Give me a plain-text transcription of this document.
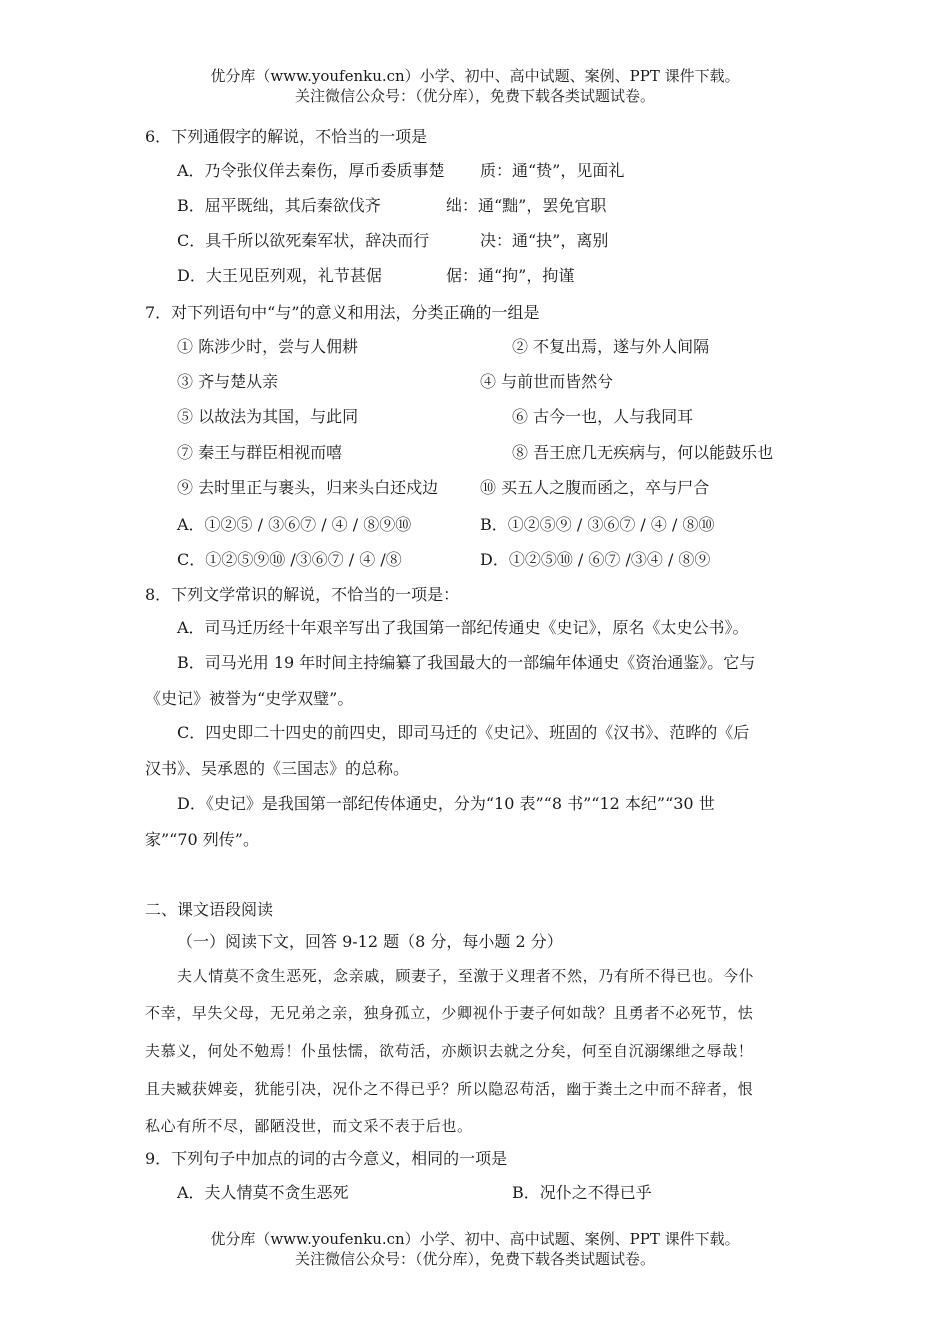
优分库（www.youfenku.cn）小学、初中、高中试题、案例、PPT 课件下载。
关注微信公众号：（优分库），免费下载各类试题试卷。
6．下列通假字的解说，不恰当的一项是
A．乃令张仪佯去秦伤，厚币委质事楚 质：通“贽”，见面礼
B．屈平既绌，其后秦欲伐齐	绌：通“黜”，罢免官职
C．具千所以欲死秦军状，辞决而行	决：通“抉”，离别
D．大王见臣列观，礼节甚倨	倨：通“拘”，拘谨
7．对下列语句中“与”的意义和用法，分类正确的一组是
① 陈涉少时，尝与人佣耕	② 不复出焉，遂与外人间隔
③ 齐与楚从亲	④ 与前世而皆然兮
⑤ 以故法为其国，与此同	⑥ 古今一也，人与我同耳
⑦ 秦王与群臣相视而嘻	⑧ 吾王庶几无疾病与，何以能鼓乐也
⑨ 去时里正与裹头，归来头白还戍边	⑩ 买五人之腹而函之，卒与尸合
A．①②⑤ / ③⑥⑦ / ④ / ⑧⑨⑩	B．①②⑤⑨ / ③⑥⑦ / ④ / ⑧⑩
C．①②⑤⑨⑩ /③⑥⑦ / ④ /⑧	D．①②⑤⑩ / ⑥⑦ /③④ / ⑧⑨
8．下列文学常识的解说，不恰当的一项是：
A．司马迁历经十年艰辛写出了我国第一部纪传通史《史记》，原名《太史公书》。
B．司马光用 19 年时间主持编纂了我国最大的一部编年体通史《资治通鉴》。它与
《史记》被誉为“史学双璧”。
C．四史即二十四史的前四史，即司马迁的《史记》、班固的《汉书》、范晔的《后
汉书》、吴承恩的《三国志》的总称。
D．《史记》是我国第一部纪传体通史，分为“10 表”“8 书”“12 本纪”“30 世
家”“70 列传”。
二、课文语段阅读
（一）阅读下文，回答 9-12 题（8 分，每小题 2 分）
夫人情莫不贪生恶死，念亲戚，顾妻子，至激于义理者不然，乃有所不得已也。今仆
不幸，早失父母，无兄弟之亲，独身孤立，少卿视仆于妻子何如哉？且勇者不必死节，怯
夫慕义，何处不勉焉！仆虽怯懦，欲苟活，亦颇识去就之分矣，何至自沉溺缧绁之辱哉！
且夫臧获婢妾，犹能引决，况仆之不得已乎？所以隐忍苟活，幽于粪土之中而不辞者，恨
私心有所不尽，鄙陋没世，而文采不表于后也。
9．下列句子中加点的词的古今意义，相同的一项是
A．夫人情莫不贪生恶死	B．况仆之不得已乎
优分库（www.youfenku.cn）小学、初中、高中试题、案例、PPT 课件下载。
关注微信公众号：（优分库），免费下载各类试题试卷。
